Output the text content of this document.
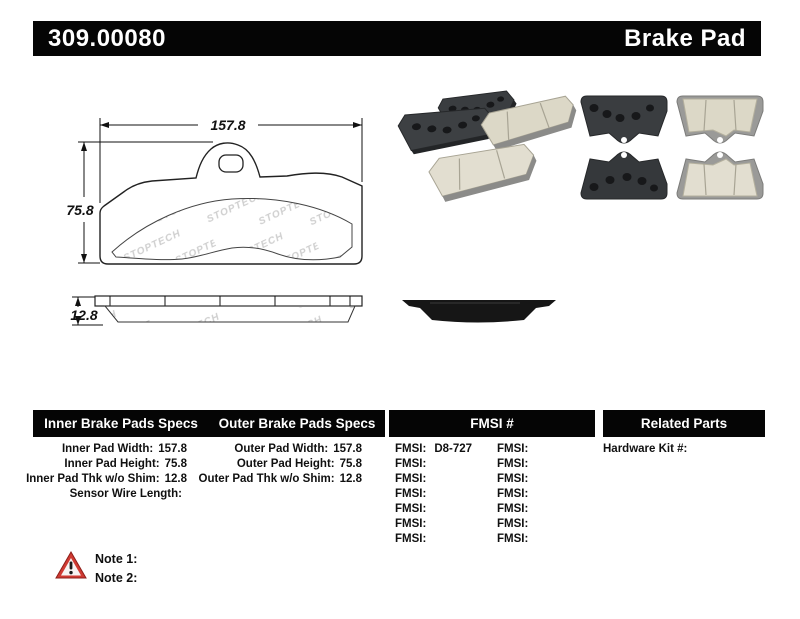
309.00080	Brake Pad
157.8
75.8
12.8
Inner Brake Pads Specs	Outer Brake Pads Specs	FMSI #	Related Parts
Inner Pad Width: 157.8
Inner Pad Height: 75.8
Inner Pad Thk w/o Shim: 12.8
Sensor Wire Length:
Outer Pad Width: 157.8
Outer Pad Height: 75.8
Outer Pad Thk w/o Shim: 12.8
FMSI: D8-727
FMSI:
FMSI:
FMSI:
FMSI:
FMSI:
FMSI:
FMSI:
FMSI:
FMSI:
FMSI:
FMSI:
FMSI:
FMSI:
Hardware Kit #:
Note 1:
Note 2:
